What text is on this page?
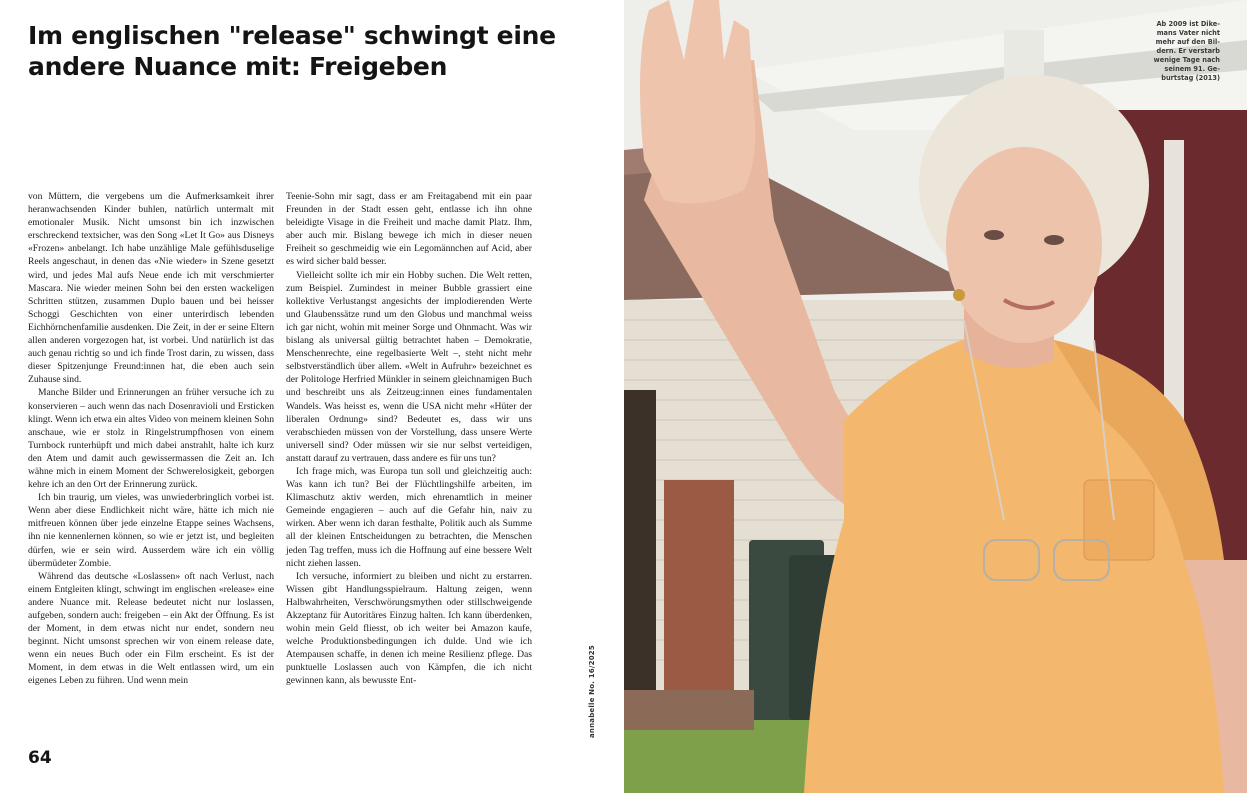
Im englischen "release" schwingt eine
andere Nuance mit: Freigeben

von Müttern, die vergebens um die Aufmerksamkeit ihrer heranwachsenden Kinder buhlen, natürlich untermalt mit emotionaler Musik. Nicht umsonst bin ich inzwischen erschreckend textsicher, was den Song «Let It Go» aus Disneys «Frozen» anbelangt. Ich habe unzählige Male gefühlsduselige Reels angeschaut, in denen das «Nie wieder» in Szene gesetzt wird, und jedes Mal aufs Neue ende ich mit verschmierter Mascara. Nie wieder meinen Sohn bei den ersten wackeligen Schritten stützen, zusammen Duplo bauen und bei heisser Schoggi Geschichten von einer unterirdisch lebenden Eichhörnchenfamilie ausdenken. Die Zeit, in der er seine Eltern allen anderen vorgezogen hat, ist vorbei. Und natürlich ist das auch genau richtig so und ich finde Trost darin, zu wissen, dass dieser Spitzenjunge Freund:innen hat, die eben auch sein Zuhause sind.

Manche Bilder und Erinnerungen an früher versuche ich zu konservieren – auch wenn das nach Dosenravioli und Ersticken klingt. Wenn ich etwa ein altes Video von meinem kleinen Sohn anschaue, wie er stolz in Ringelstrumpfhosen von einem Turnbock runterhüpft und mich dabei anstrahlt, halte ich kurz den Atem und damit auch gewissermassen die Zeit an. Ich wähne mich in einem Moment der Schwerelosigkeit, geborgen kehre ich an den Ort der Erinnerung zurück.

Ich bin traurig, um vieles, was unwiederbringlich vorbei ist. Wenn aber diese Endlichkeit nicht wäre, hätte ich mich nie mitfreuen können über jede einzelne Etappe seines Wachsens, ihn nie kennenlernen können, so wie er jetzt ist, und begleiten dürfen, wie er sein wird. Ausserdem wäre ich ein völlig übermüdeter Zombie.

Während das deutsche «Loslassen» oft nach Verlust, nach einem Entgleiten klingt, schwingt im englischen «release» eine andere Nuance mit. Release bedeutet nicht nur loslassen, aufgeben, sondern auch: freigeben – ein Akt der Öffnung. Es ist der Moment, in dem etwas nicht nur endet, sondern neu beginnt. Nicht umsonst sprechen wir von einem release date, wenn ein neues Buch oder ein Film erscheint. Es ist der Moment, in dem etwas in die Welt entlassen wird, um ein eigenes Leben zu führen. Und wenn mein

Teenie-Sohn mir sagt, dass er am Freitagabend mit ein paar Freunden in der Stadt essen geht, entlasse ich ihn ohne beleidigte Visage in die Freiheit und mache damit Platz. Ihm, aber auch mir. Bislang bewege ich mich in dieser neuen Freiheit so geschmeidig wie ein Legomännchen auf Acid, aber es wird sicher bald besser.

Vielleicht sollte ich mir ein Hobby suchen. Die Welt retten, zum Beispiel. Zumindest in meiner Bubble grassiert eine kollektive Verlustangst angesichts der implodierenden Werte und Glaubenssätze rund um den Globus und manchmal weiss ich gar nicht, wohin mit meiner Sorge und Ohnmacht. Was wir bislang als universal gültig betrachtet haben – Demokratie, Menschenrechte, eine regelbasierte Welt –, steht nicht mehr selbstverständlich über allem. «Welt in Aufruhr» bezeichnet es der Politologe Herfried Münkler in seinem gleichnamigen Buch und beschreibt uns als Zeitzeug:innen eines fundamentalen Wandels. Was heisst es, wenn die USA nicht mehr «Hüter der liberalen Ordnung» sind? Bedeutet es, dass wir uns verabschieden müssen von der Vorstellung, dass unsere Werte universell sind? Oder müssen wir sie nur selbst verteidigen, anstatt darauf zu vertrauen, dass andere es für uns tun?

Ich frage mich, was Europa tun soll und gleichzeitig auch: Was kann ich tun? Bei der Flüchtlingshilfe arbeiten, im Klimaschutz aktiv werden, mich ehrenamtlich in meiner Gemeinde engagieren – auch auf die Gefahr hin, naiv zu wirken. Aber wenn ich daran festhalte, Politik auch als Summe all der kleinen Entscheidungen zu betrachten, die Menschen jeden Tag treffen, muss ich die Hoffnung auf eine bessere Welt nicht ziehen lassen.

Ich versuche, informiert zu bleiben und nicht zu erstarren. Wissen gibt Handlungsspielraum. Haltung zeigen, wenn Halbwahrheiten, Verschwörungsmythen oder stillschweigende Akzeptanz für Autoritäres Einzug halten. Ich kann überdenken, wohin mein Geld fliesst, ob ich weiter bei Amazon kaufe, welche Produktionsbedingungen ich dulde. Und wie ich Atempausen schaffe, in denen ich meine Resilienz pflege. Das punktuelle Loslassen auch von Kämpfen, die ich nicht gewinnen kann, als bewusste Ent-

64
annabelle No. 16/2025
Ab 2009 ist Dike-
mans Vater nicht
mehr auf den Bil-
dern. Er verstarb
wenige Tage nach
seinem 91. Ge-
burtstag (2013)
